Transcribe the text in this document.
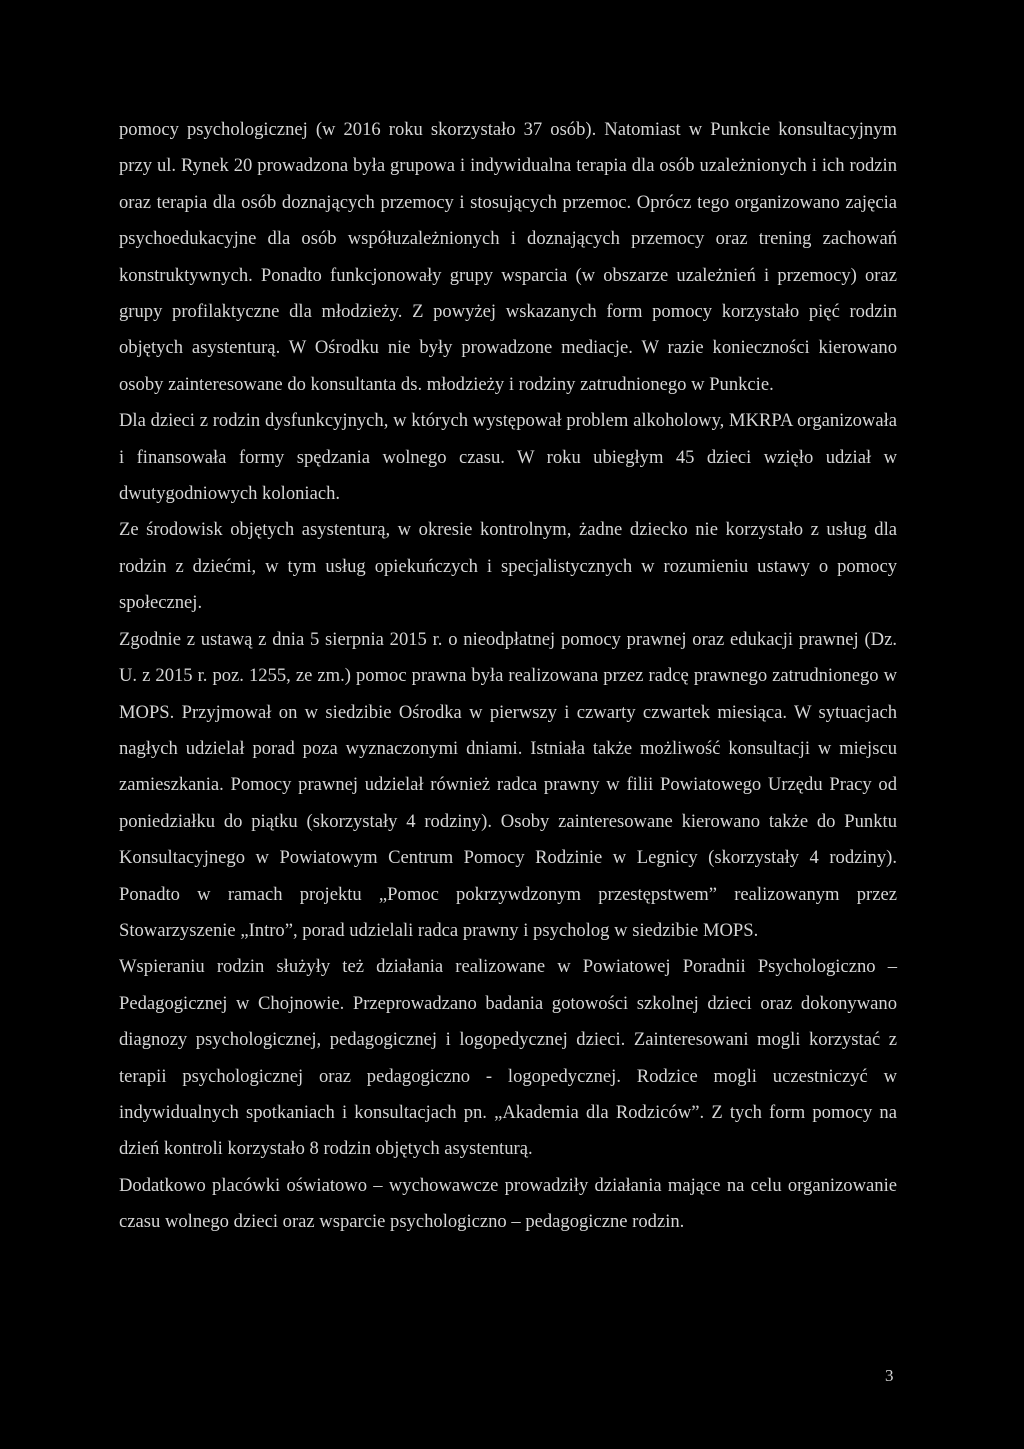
pomocy psychologicznej (w 2016 roku skorzystało 37 osób). Natomiast w Punkcie konsultacyjnym przy ul. Rynek 20 prowadzona była grupowa i indywidualna terapia dla osób uzależnionych i ich rodzin oraz terapia dla osób doznających przemocy i stosujących przemoc. Oprócz tego organizowano zajęcia psychoedukacyjne dla osób współuzależnionych i doznających przemocy oraz trening zachowań konstruktywnych. Ponadto funkcjonowały grupy wsparcia (w obszarze uzależnień i przemocy) oraz grupy profilaktyczne dla młodzieży. Z powyżej wskazanych form pomocy korzystało pięć rodzin objętych asystenturą. W Ośrodku nie były prowadzone mediacje. W razie konieczności kierowano osoby zainteresowane do konsultanta ds. młodzieży i rodziny zatrudnionego w Punkcie.

Dla dzieci z rodzin dysfunkcyjnych, w których występował problem alkoholowy, MKRPA organizowała i finansowała formy spędzania wolnego czasu. W roku ubiegłym 45 dzieci wzięło udział w dwutygodniowych koloniach.

Ze środowisk objętych asystenturą, w okresie kontrolnym, żadne dziecko nie korzystało z usług dla rodzin z dziećmi, w tym usług opiekuńczych i specjalistycznych w rozumieniu ustawy o pomocy społecznej.

Zgodnie z ustawą z dnia 5 sierpnia 2015 r. o nieodpłatnej pomocy prawnej oraz edukacji prawnej (Dz. U. z 2015 r. poz. 1255, ze zm.) pomoc prawna była realizowana przez radcę prawnego zatrudnionego w MOPS. Przyjmował on w siedzibie Ośrodka w pierwszy i czwarty czwartek miesiąca. W sytuacjach nagłych udzielał porad poza wyznaczonymi dniami. Istniała także możliwość konsultacji w miejscu zamieszkania. Pomocy prawnej udzielał również radca prawny w filii Powiatowego Urzędu Pracy od poniedziałku do piątku (skorzystały 4 rodziny). Osoby zainteresowane kierowano także do Punktu Konsultacyjnego w Powiatowym Centrum Pomocy Rodzinie w Legnicy (skorzystały 4 rodziny). Ponadto w ramach projektu „Pomoc pokrzywdzonym przestępstwem” realizowanym przez Stowarzyszenie „Intro”, porad udzielali radca prawny i psycholog w siedzibie MOPS.

Wspieraniu rodzin służyły też działania realizowane w Powiatowej Poradnii Psychologiczno – Pedagogicznej w Chojnowie. Przeprowadzano badania gotowości szkolnej dzieci oraz dokonywano diagnozy psychologicznej, pedagogicznej i logopedycznej dzieci. Zainteresowani mogli korzystać z terapii psychologicznej oraz pedagogiczno - logopedycznej. Rodzice mogli uczestniczyć w indywidualnych spotkaniach i konsultacjach pn. „Akademia dla Rodziców”. Z tych form pomocy na dzień kontroli korzystało 8 rodzin objętych asystenturą.

Dodatkowo placówki oświatowo – wychowawcze prowadziły działania mające na celu organizowanie czasu wolnego dzieci oraz wsparcie psychologiczno – pedagogiczne rodzin.

3
